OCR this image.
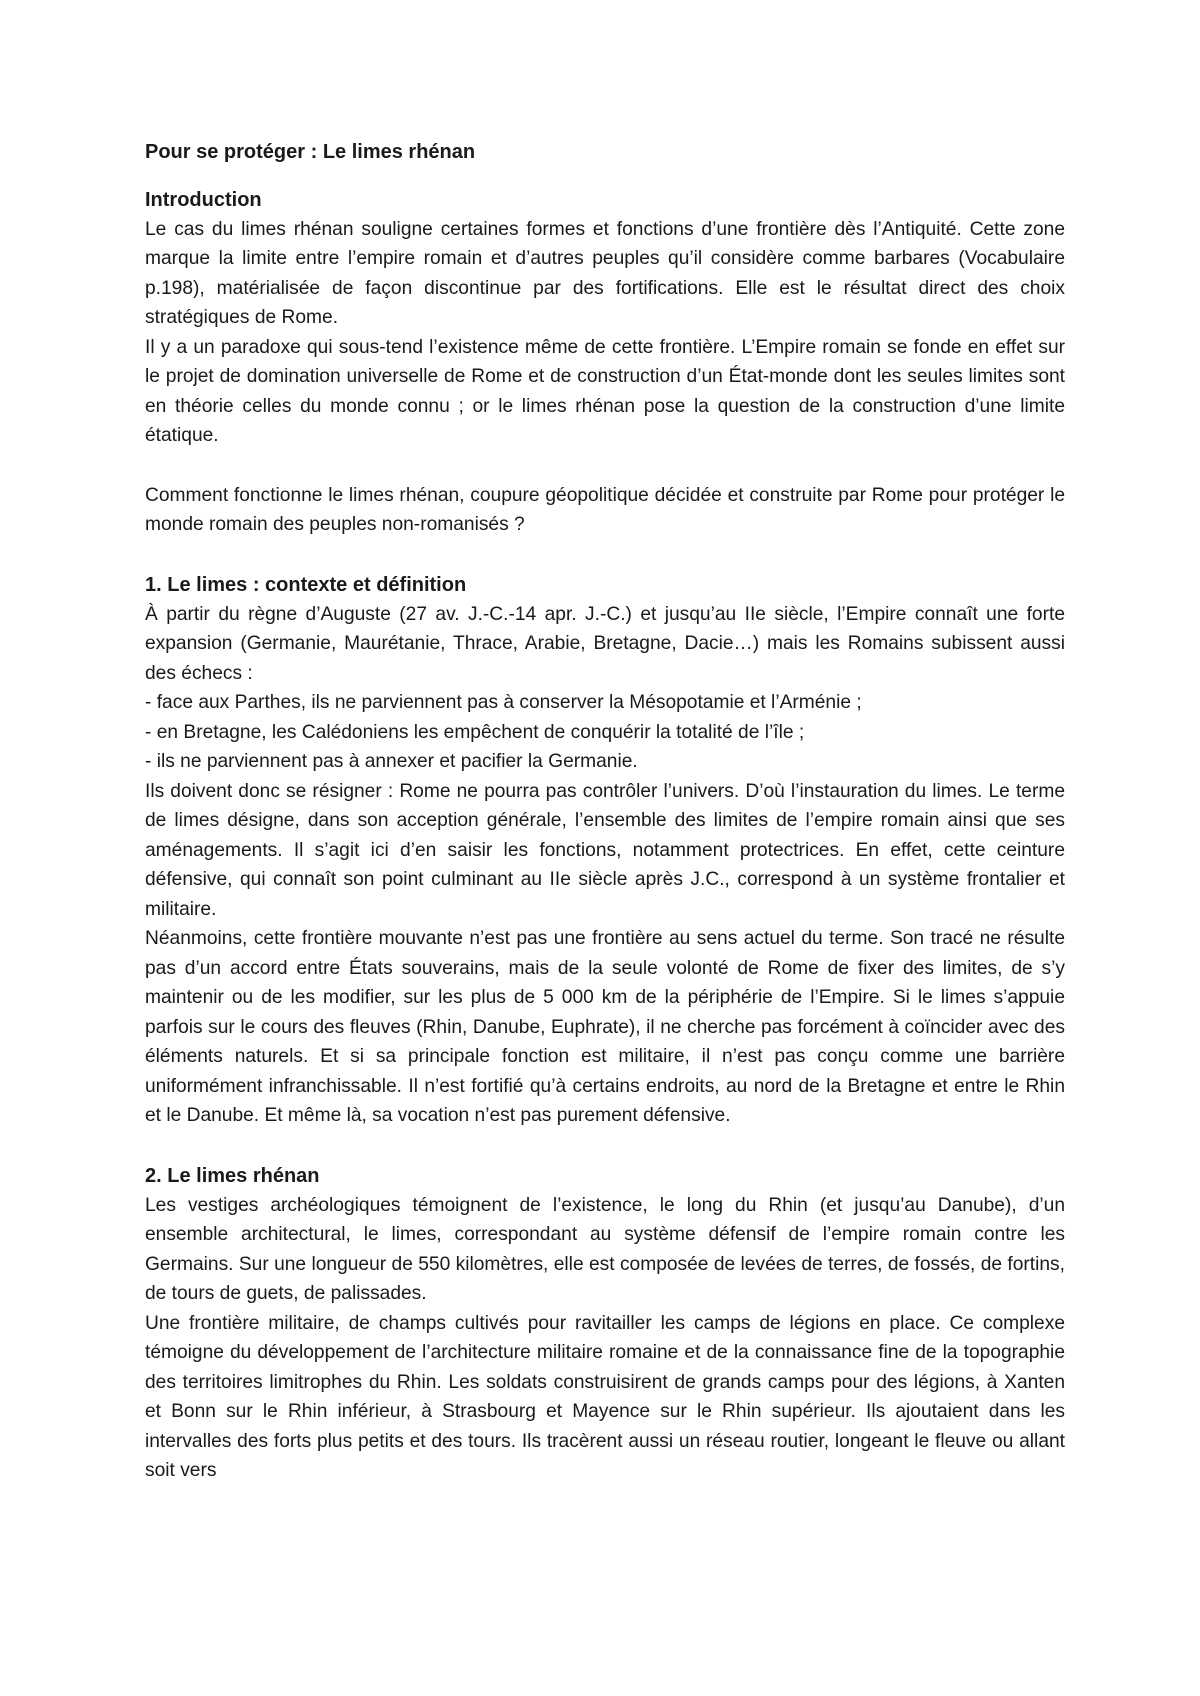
Pour se protéger : Le limes rhénan
Introduction

Le cas du limes rhénan souligne certaines formes et fonctions d’une frontière dès l’Antiquité. Cette zone marque la limite entre l’empire romain et d’autres peuples qu’il considère comme barbares (Vocabulaire p.198), matérialisée de façon discontinue par des fortifications. Elle est le résultat direct des choix stratégiques de Rome.

Il y a un paradoxe qui sous-tend l’existence même de cette frontière. L’Empire romain se fonde en effet sur le projet de domination universelle de Rome et de construction d’un État-monde dont les seules limites sont en théorie celles du monde connu ; or le limes rhénan pose la question de la construction d’une limite étatique.

Comment fonctionne le limes rhénan, coupure géopolitique décidée et construite par Rome pour protéger le monde romain des peuples non-romanisés ?

1. Le limes : contexte et définition

À partir du règne d’Auguste (27 av. J.-C.-14 apr. J.-C.) et jusqu’au IIe siècle, l’Empire connaît une forte expansion (Germanie, Maurétanie, Thrace, Arabie, Bretagne, Dacie…) mais les Romains subissent aussi des échecs :

- face aux Parthes, ils ne parviennent pas à conserver la Mésopotamie et l’Arménie ;

- en Bretagne, les Calédoniens les empêchent de conquérir la totalité de l’île ;

- ils ne parviennent pas à annexer et pacifier la Germanie.

Ils doivent donc se résigner : Rome ne pourra pas contrôler l’univers. D’où l’instauration du limes. Le terme de limes désigne, dans son acception générale, l’ensemble des limites de l’empire romain ainsi que ses aménagements. Il s’agit ici d’en saisir les fonctions, notamment protectrices. En effet, cette ceinture défensive, qui connaît son point culminant au IIe siècle après J.C., correspond à un système frontalier et militaire.

Néanmoins, cette frontière mouvante n’est pas une frontière au sens actuel du terme. Son tracé ne résulte pas d’un accord entre États souverains, mais de la seule volonté de Rome de fixer des limites, de s’y maintenir ou de les modifier, sur les plus de 5 000 km de la périphérie de l’Empire. Si le limes s’appuie parfois sur le cours des fleuves (Rhin, Danube, Euphrate), il ne cherche pas forcément à coïncider avec des éléments naturels. Et si sa principale fonction est militaire, il n’est pas conçu comme une barrière uniformément infranchissable. Il n’est fortifié qu’à certains endroits, au nord de la Bretagne et entre le Rhin et le Danube. Et même là, sa vocation n’est pas purement défensive.

2. Le limes rhénan

Les vestiges archéologiques témoignent de l’existence, le long du Rhin (et jusqu’au Danube), d’un ensemble architectural, le limes, correspondant au système défensif de l’empire romain contre les Germains. Sur une longueur de 550 kilomètres, elle est composée de levées de terres, de fossés, de fortins, de tours de guets, de palissades.

Une frontière militaire, de champs cultivés pour ravitailler les camps de légions en place. Ce complexe témoigne du développement de l’architecture militaire romaine et de la connaissance fine de la topographie des territoires limitrophes du Rhin. Les soldats construisirent de grands camps pour des légions, à Xanten et Bonn sur le Rhin inférieur, à Strasbourg et Mayence sur le Rhin supérieur. Ils ajoutaient dans les intervalles des forts plus petits et des tours. Ils tracèrent aussi un réseau routier, longeant le fleuve ou allant soit vers
